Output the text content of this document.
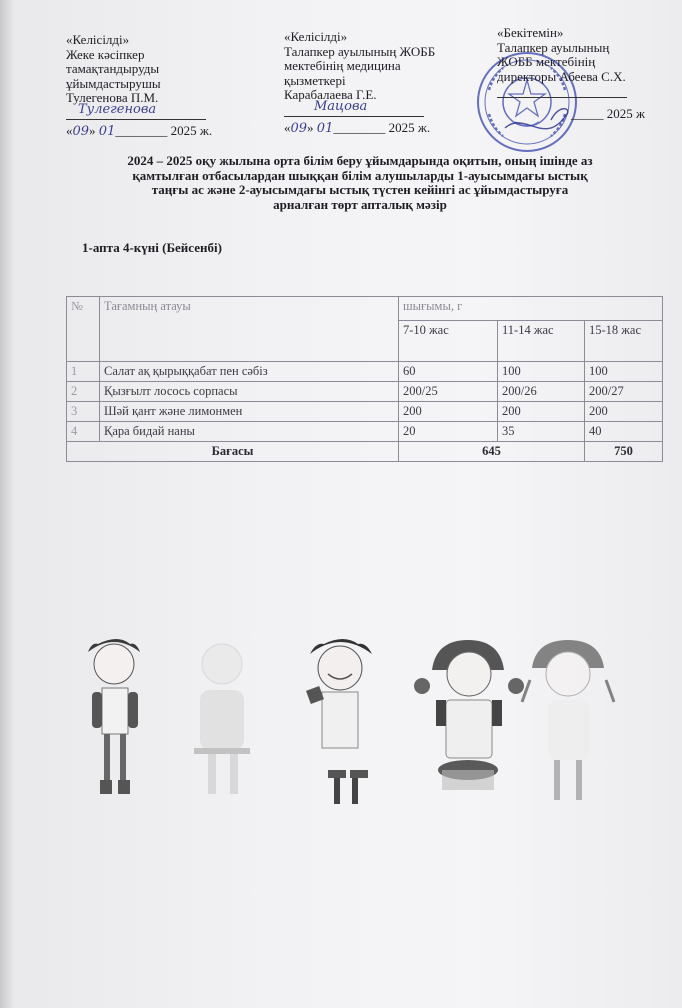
«Келісілді»
Жеке кәсіпкер
тамақтандыруды
ұйымдастырушы
Тулегенова П.М.
Тулегенова
«09» 01________ 2025 ж.
«Келісілді»
Талапкер ауылының ЖОББ
мектебінің медицина
қызметкері
Карабалаева Г.Е.
Мацова
«09» 01________ 2025 ж.
«Бекітемін»
Талапкер ауылының
ЖОББ мектебінің
директоры Абеева С.Х.
_____ 2025 ж
2024 – 2025 оқу жылына орта білім беру ұйымдарында оқитын, оның ішінде аз
қамтылған отбасылардан шыққан білім алушыларды 1-ауысымдағы ыстық
таңғы ас және 2-ауысымдағы ыстық түстен кейінгі ас ұйымдастыруға
арналған төрт апталық мәзір
1-апта 4-күні (Бейсенбі)
№	Тағамның атауы	шығымы, г		
		7-10 жас	11-14 жас	15-18 жас
1	Салат ақ қырыққабат пен сәбіз	60	100	100
2	Қызғылт лосось сорпасы	200/25	200/26	200/27
3	Шәй қант және лимонмен	200	200	200
4	Қара бидай наны	20	35	40
Бағасы		645		750
